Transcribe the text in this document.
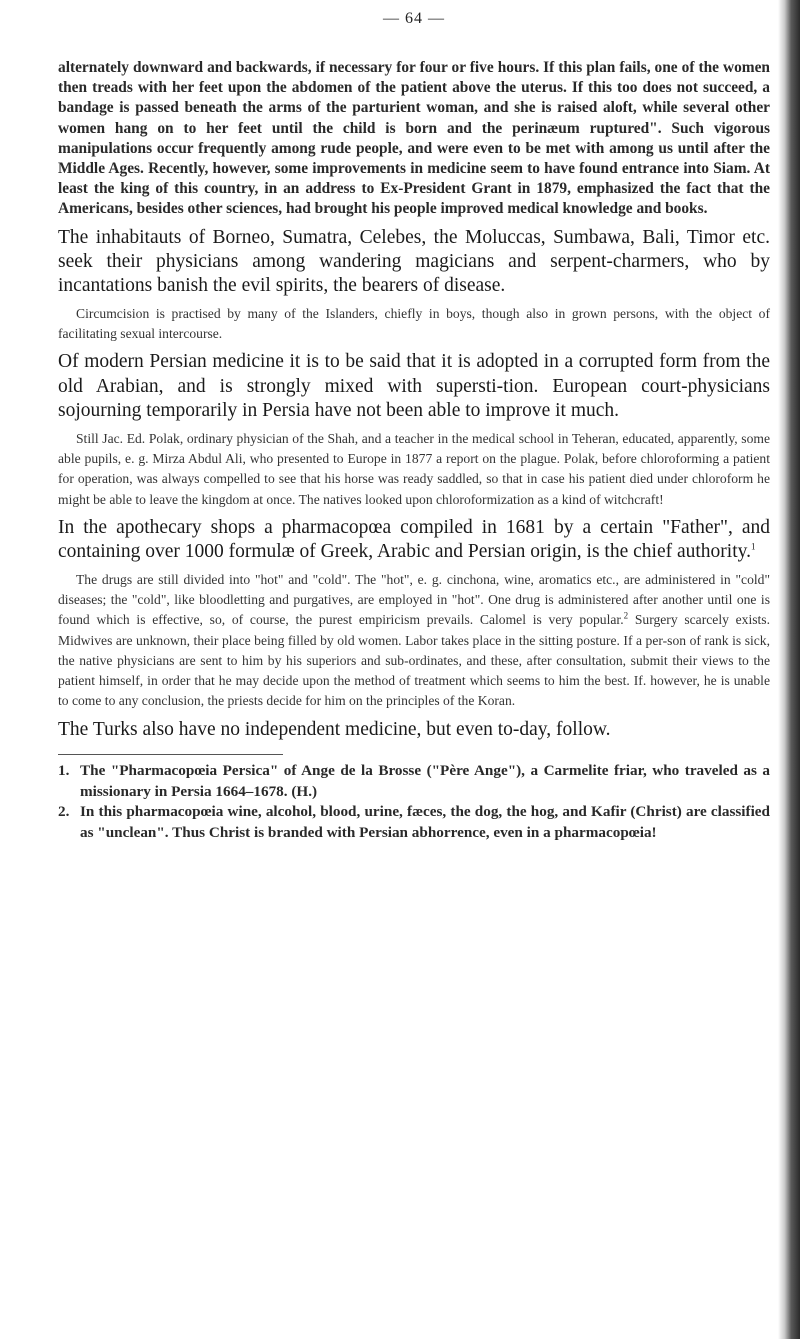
— 64 —

alternately downward and backwards, if necessary for four or five hours. If this plan fails, one of the women then treads with her feet upon the abdomen of the patient above the uterus. If this too does not succeed, a bandage is passed beneath the arms of the parturient woman, and she is raised aloft, while several other women hang on to her feet until the child is born and the perinæum ruptured". Such vigorous manipulations occur frequently among rude people, and were even to be met with among us until after the Middle Ages. Recently, however, some improvements in medicine seem to have found entrance into Siam. At least the king of this country, in an address to Ex-President Grant in 1879, emphasized the fact that the Americans, besides other sciences, had brought his people improved medical knowledge and books.

The inhabitauts of Borneo, Sumatra, Celebes, the Moluccas, Sumbawa, Bali, Timor etc. seek their physicians among wandering magicians and serpent-charmers, who by incantations banish the evil spirits, the bearers of disease.

Circumcision is practised by many of the Islanders, chiefly in boys, though also in grown persons, with the object of facilitating sexual intercourse.

Of modern Persian medicine it is to be said that it is adopted in a corrupted form from the old Arabian, and is strongly mixed with supersti-tion. European court-physicians sojourning temporarily in Persia have not been able to improve it much.

Still Jac. Ed. Polak, ordinary physician of the Shah, and a teacher in the medical school in Teheran, educated, apparently, some able pupils, e. g. Mirza Abdul Ali, who presented to Europe in 1877 a report on the plague. Polak, before chloroforming a patient for operation, was always compelled to see that his horse was ready saddled, so that in case his patient died under chloroform he might be able to leave the kingdom at once. The natives looked upon chloroformization as a kind of witchcraft!

In the apothecary shops a pharmacopœa compiled in 1681 by a certain "Father", and containing over 1000 formulæ of Greek, Arabic and Persian origin, is the chief authority.$^1$

The drugs are still divided into "hot" and "cold". The "hot", e. g. cinchona, wine, aromatics etc., are administered in "cold" diseases; the "cold", like bloodletting and purgatives, are employed in "hot". One drug is administered after another until one is found which is effective, so, of course, the purest empiricism prevails. Calomel is very popular.$^2$ Surgery scarcely exists. Midwives are unknown, their place being filled by old women. Labor takes place in the sitting posture. If a per-son of rank is sick, the native physicians are sent to him by his superiors and sub-ordinates, and these, after consultation, submit their views to the patient himself, in order that he may decide upon the method of treatment which seems to him the best. If. however, he is unable to come to any conclusion, the priests decide for him on the principles of the Koran.

The Turks also have no independent medicine, but even to-day, follow.

1. The "Pharmacopœia Persica" of Ange de la Brosse ("Père Ange"), a Carmelite friar, who traveled as a missionary in Persia 1664–1678. (H.)
2. In this pharmacopœia wine, alcohol, blood, urine, fæces, the dog, the hog, and Kafir (Christ) are classified as "unclean". Thus Christ is branded with Persian abhorrence, even in a pharmacopœia!
